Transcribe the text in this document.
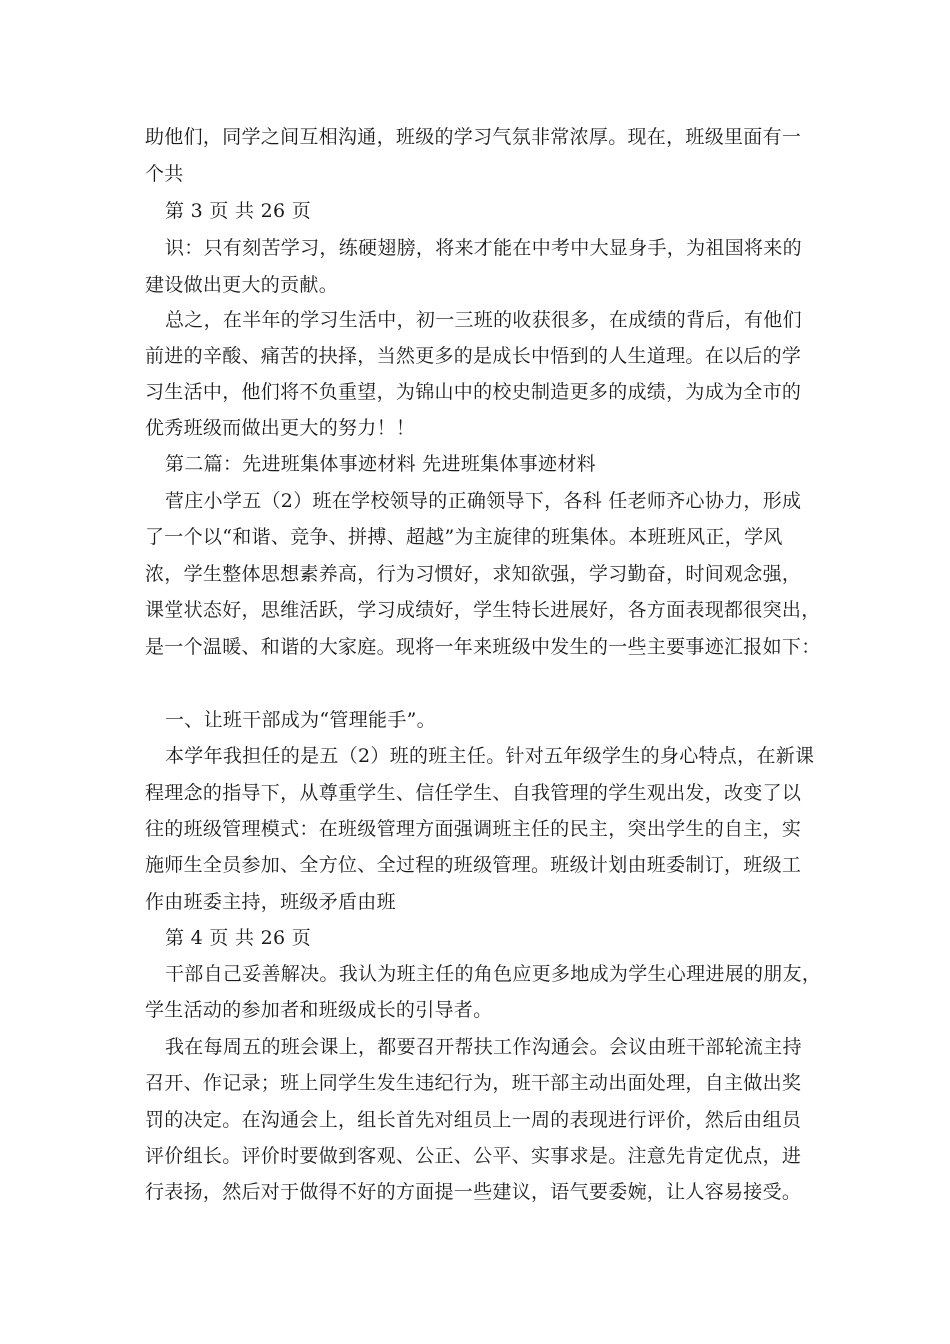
助他们，同学之间互相沟通，班级的学习气氛非常浓厚。现在，班级里面有一

个共

第 3 页 共 26 页

识：只有刻苦学习，练硬翅膀，将来才能在中考中大显身手，为祖国将来的

建设做出更大的贡献。

总之，在半年的学习生活中，初一三班的收获很多，在成绩的背后，有他们

前进的辛酸、痛苦的抉择，当然更多的是成长中悟到的人生道理。在以后的学

习生活中，他们将不负重望，为锦山中的校史制造更多的成绩，为成为全市的

优秀班级而做出更大的努力！！

第二篇：先进班集体事迹材料 先进班集体事迹材料

菅庄小学五（2）班在学校领导的正确领导下，各科 任老师齐心协力，形成

了一个以“和谐、竞争、拼搏、超越”为主旋律的班集体。本班班风正，学风

浓，学生整体思想素养高，行为习惯好，求知欲强，学习勤奋，时间观念强，

课堂状态好，思维活跃，学习成绩好，学生特长进展好，各方面表现都很突出，

是一个温暖、和谐的大家庭。现将一年来班级中发生的一些主要事迹汇报如下：

一、让班干部成为“管理能手”。

本学年我担任的是五（2）班的班主任。针对五年级学生的身心特点，在新课

程理念的指导下，从尊重学生、信任学生、自我管理的学生观出发，改变了以

往的班级管理模式：在班级管理方面强调班主任的民主，突出学生的自主，实

施师生全员参加、全方位、全过程的班级管理。班级计划由班委制订，班级工

作由班委主持，班级矛盾由班

第 4 页 共 26 页

干部自己妥善解决。我认为班主任的角色应更多地成为学生心理进展的朋友，

学生活动的参加者和班级成长的引导者。

我在每周五的班会课上，都要召开帮扶工作沟通会。会议由班干部轮流主持

召开、作记录；班上同学生发生违纪行为，班干部主动出面处理，自主做出奖

罚的决定。在沟通会上，组长首先对组员上一周的表现进行评价，然后由组员

评价组长。评价时要做到客观、公正、公平、实事求是。注意先肯定优点，进

行表扬，然后对于做得不好的方面提一些建议，语气要委婉，让人容易接受。
